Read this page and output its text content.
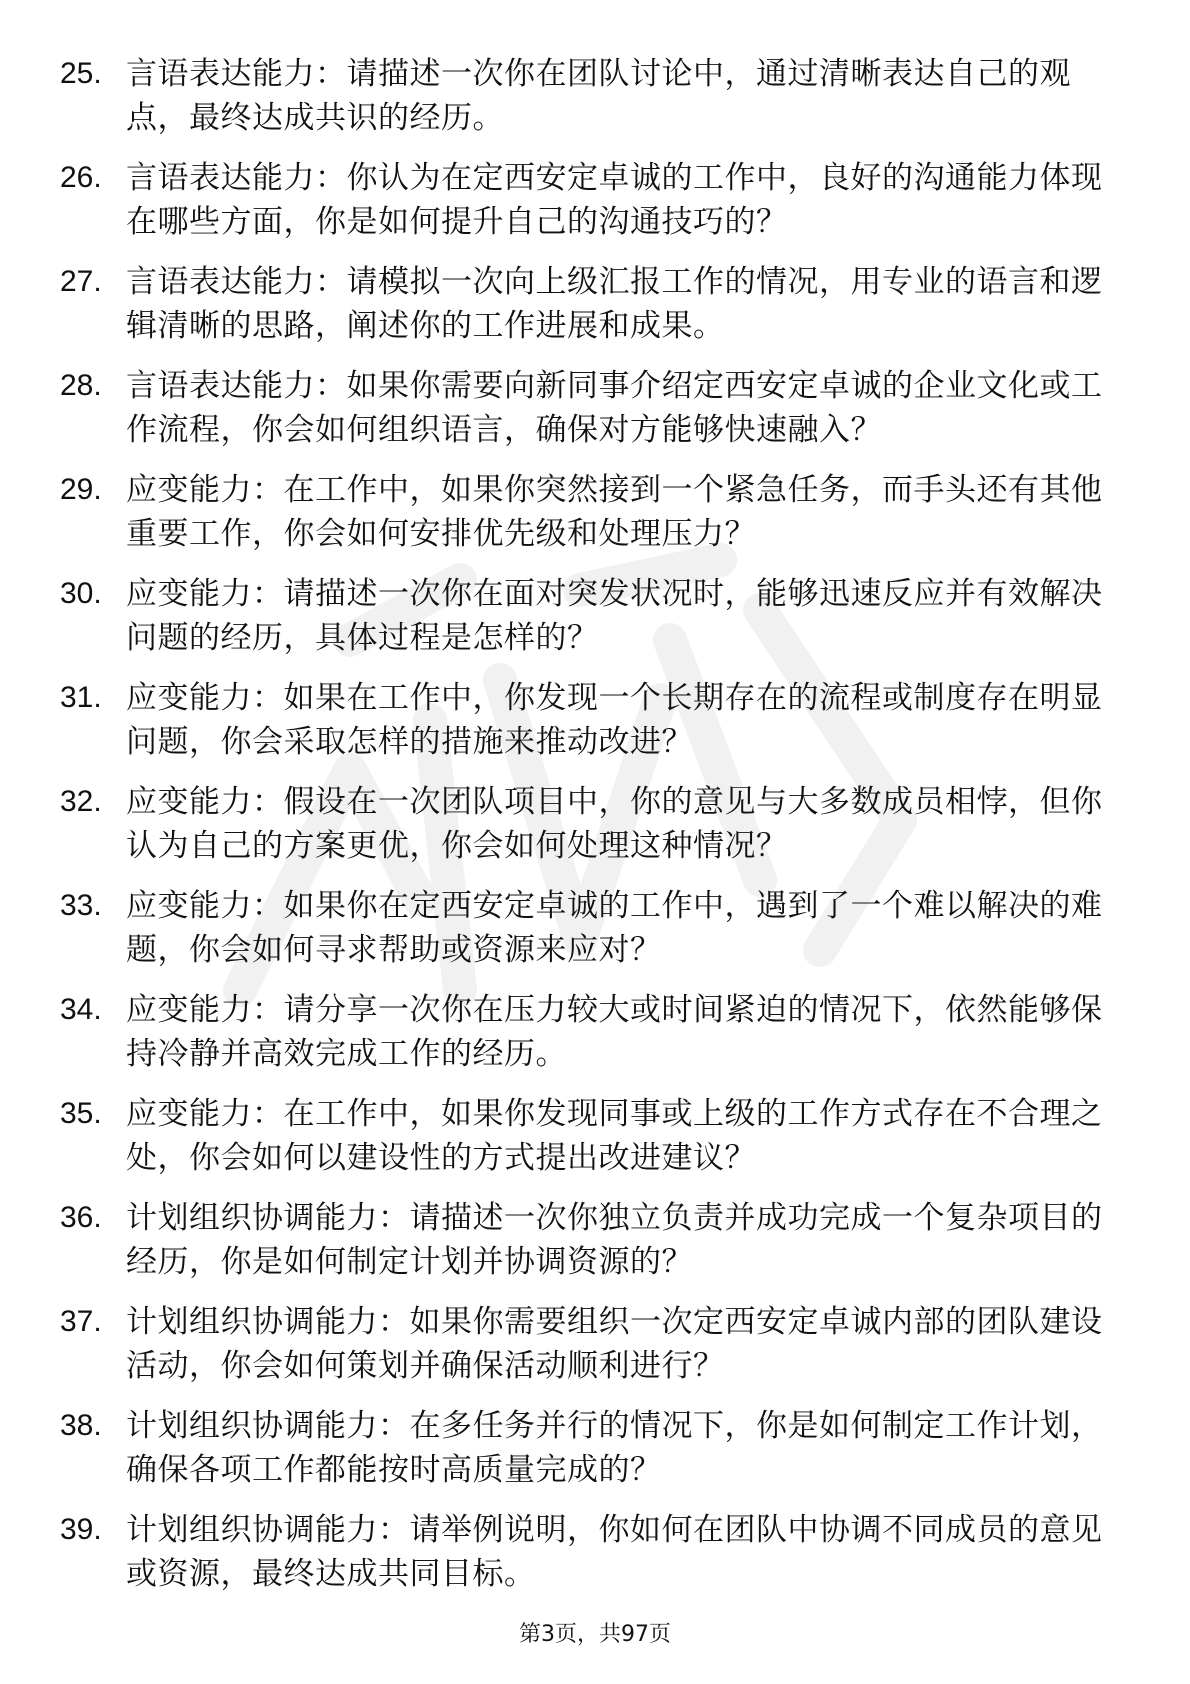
25. 言语表达能力：请描述一次你在团队讨论中，通过清晰表达自己的观点，最终达成共识的经历。
26. 言语表达能力：你认为在定西安定卓诚的工作中，良好的沟通能力体现在哪些方面，你是如何提升自己的沟通技巧的？
27. 言语表达能力：请模拟一次向上级汇报工作的情况，用专业的语言和逻辑清晰的思路，阐述你的工作进展和成果。
28. 言语表达能力：如果你需要向新同事介绍定西安定卓诚的企业文化或工作流程，你会如何组织语言，确保对方能够快速融入？
29. 应变能力：在工作中，如果你突然接到一个紧急任务，而手头还有其他重要工作，你会如何安排优先级和处理压力？
30. 应变能力：请描述一次你在面对突发状况时，能够迅速反应并有效解决问题的经历，具体过程是怎样的？
31. 应变能力：如果在工作中，你发现一个长期存在的流程或制度存在明显问题，你会采取怎样的措施来推动改进？
32. 应变能力：假设在一次团队项目中，你的意见与大多数成员相悖，但你认为自己的方案更优，你会如何处理这种情况？
33. 应变能力：如果你在定西安定卓诚的工作中，遇到了一个难以解决的难题，你会如何寻求帮助或资源来应对？
34. 应变能力：请分享一次你在压力较大或时间紧迫的情况下，依然能够保持冷静并高效完成工作的经历。
35. 应变能力：在工作中，如果你发现同事或上级的工作方式存在不合理之处，你会如何以建设性的方式提出改进建议？
36. 计划组织协调能力：请描述一次你独立负责并成功完成一个复杂项目的经历，你是如何制定计划并协调资源的？
37. 计划组织协调能力：如果你需要组织一次定西安定卓诚内部的团队建设活动，你会如何策划并确保活动顺利进行？
38. 计划组织协调能力：在多任务并行的情况下，你是如何制定工作计划，确保各项工作都能按时高质量完成的？
39. 计划组织协调能力：请举例说明，你如何在团队中协调不同成员的意见或资源，最终达成共同目标。
第3页，共97页
